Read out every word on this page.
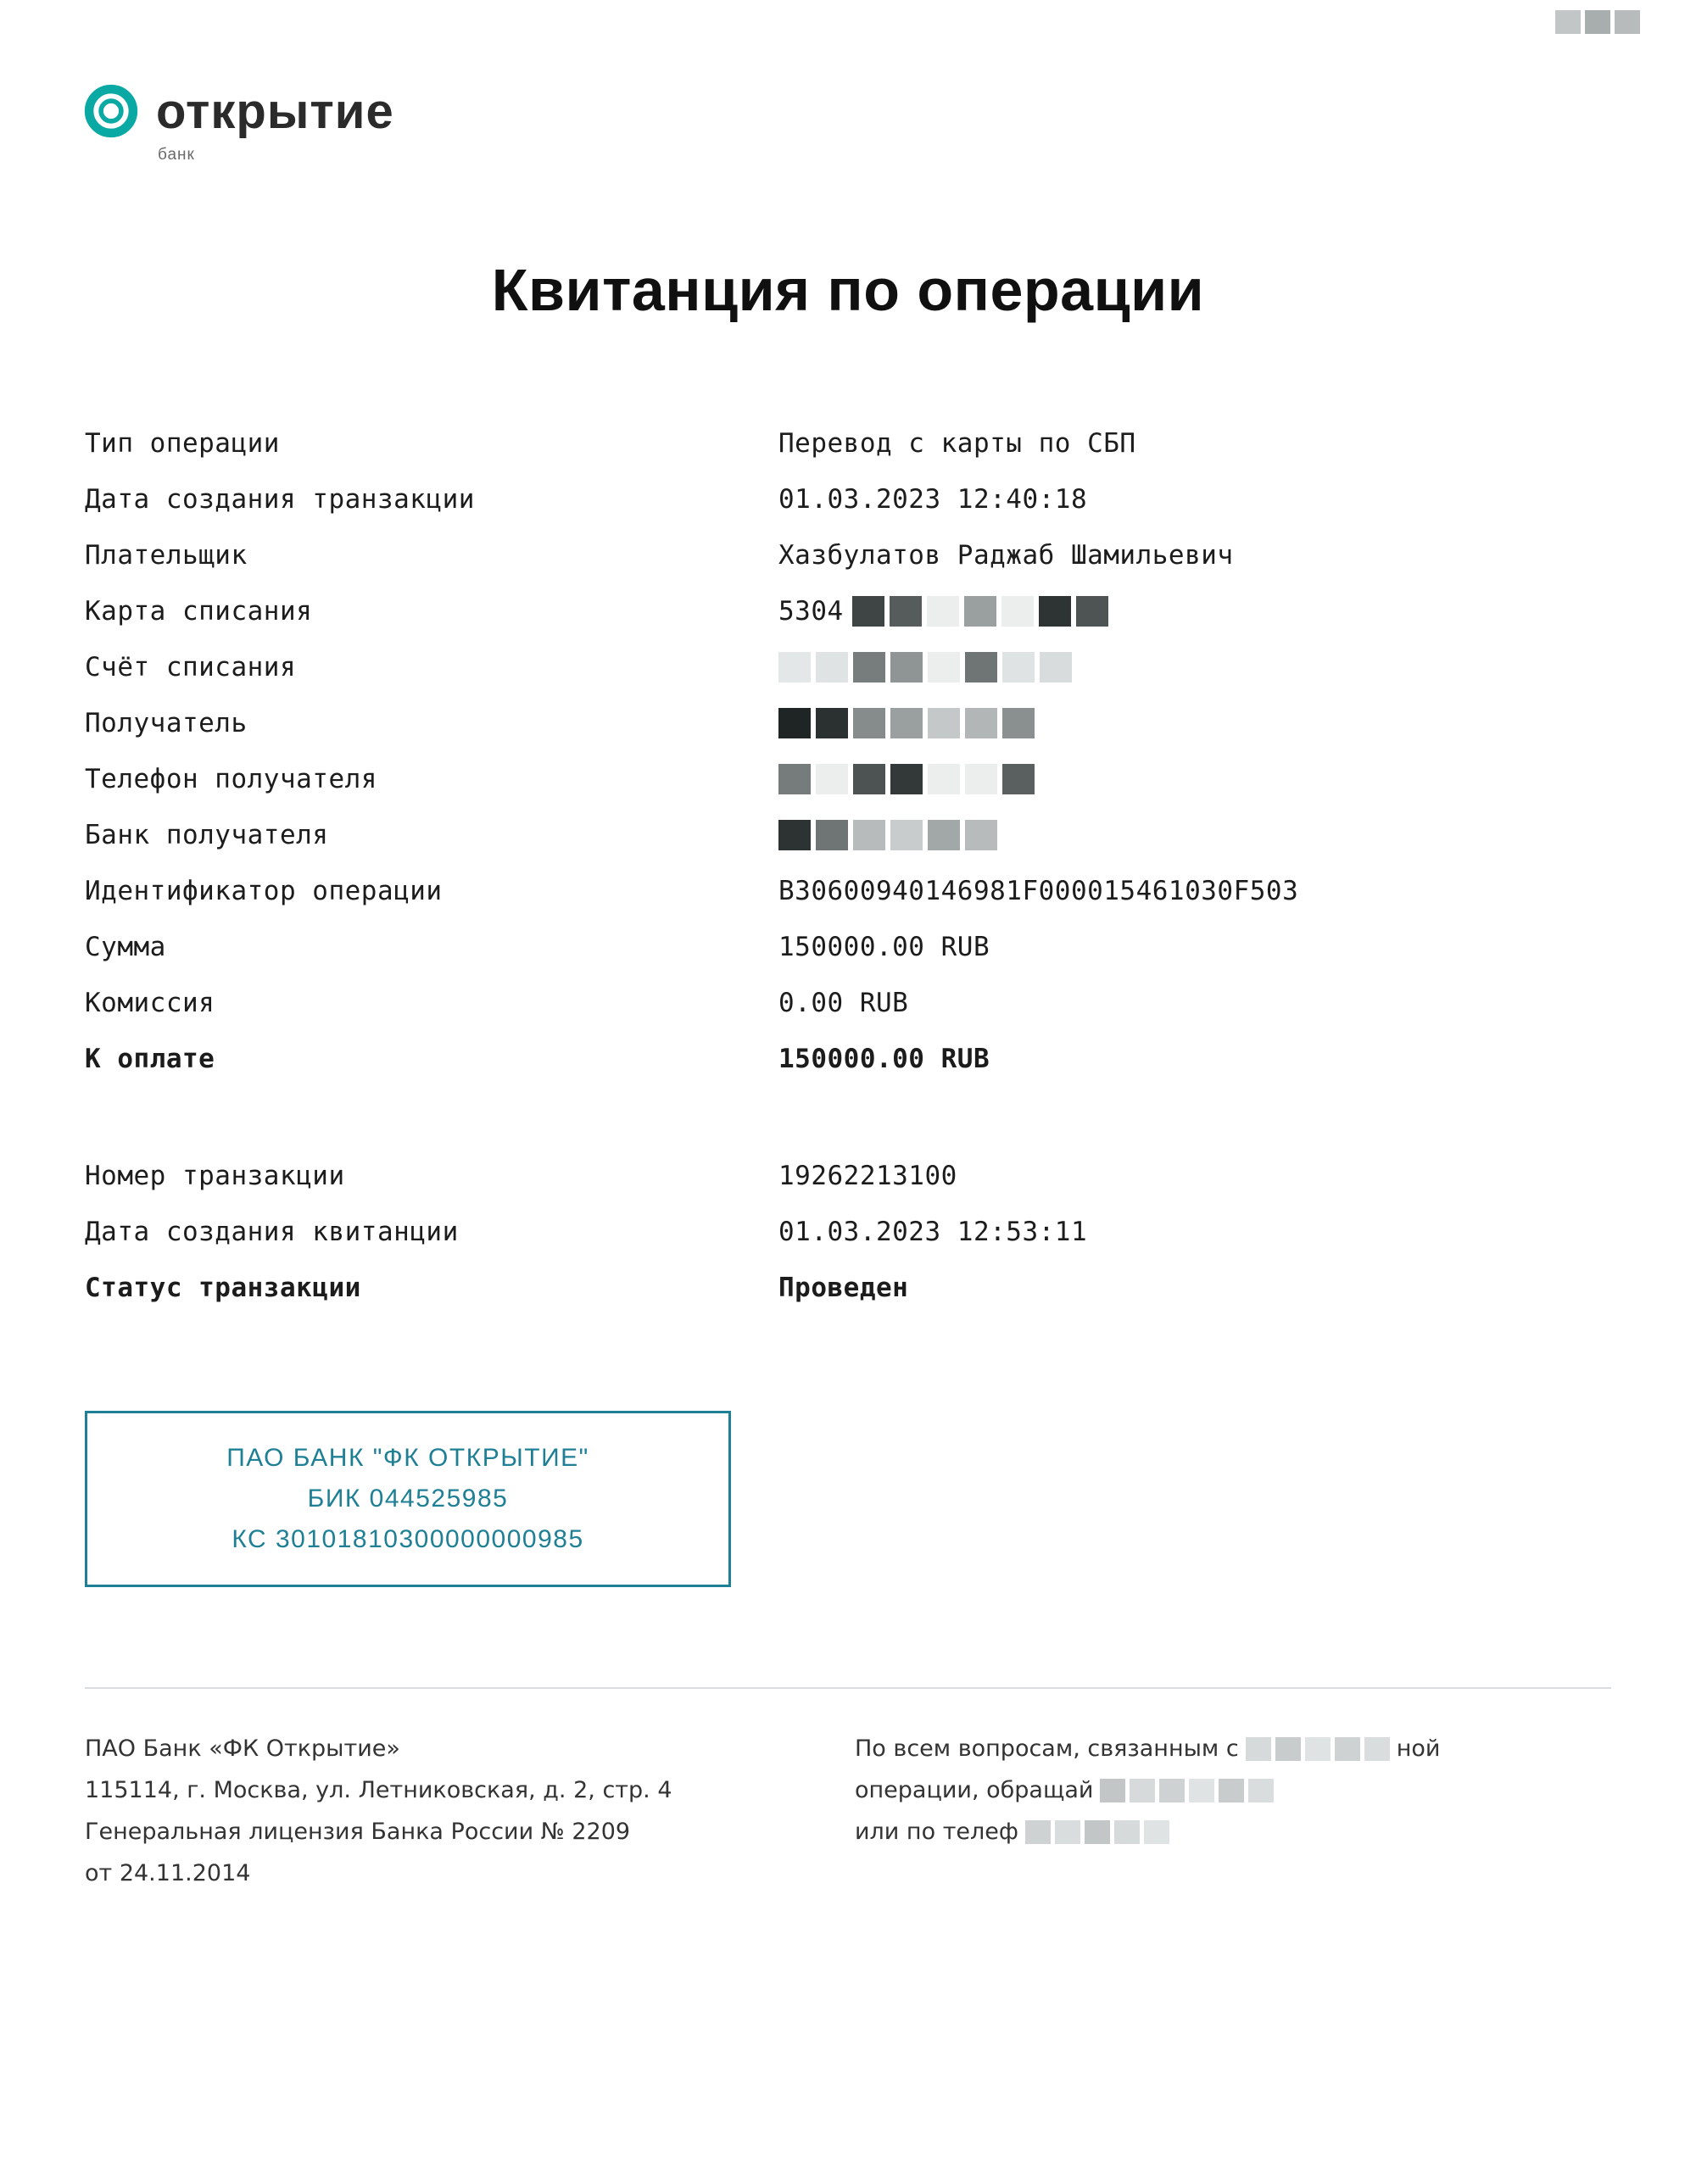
открытие
банк
Квитанция по операции
Тип операции	Перевод с карты по СБП
Дата создания транзакции	01.03.2023 12:40:18
Плательщик	Хазбулатов Раджаб Шамильевич
Карта списания	5304
Счёт списания
Получатель
Телефон получателя
Банк получателя
Идентификатор операции	B30600940146981F000015461030F503
Сумма	150000.00 RUB
Комиссия	0.00 RUB
К оплате	150000.00 RUB
Номер транзакции	19262213100
Дата создания квитанции	01.03.2023 12:53:11
Статус транзакции	Проведен
ПАО БАНК "ФК ОТКРЫТИЕ"
БИК 044525985
КС 30101810300000000985
ПАО Банк «ФК Открытие»
115114, г. Москва, ул. Летниковская, д. 2, стр. 4
Генеральная лицензия Банка России № 2209
от 24.11.2014
По всем вопросам, связанным с	ной
операции, обращай
или по телеф
